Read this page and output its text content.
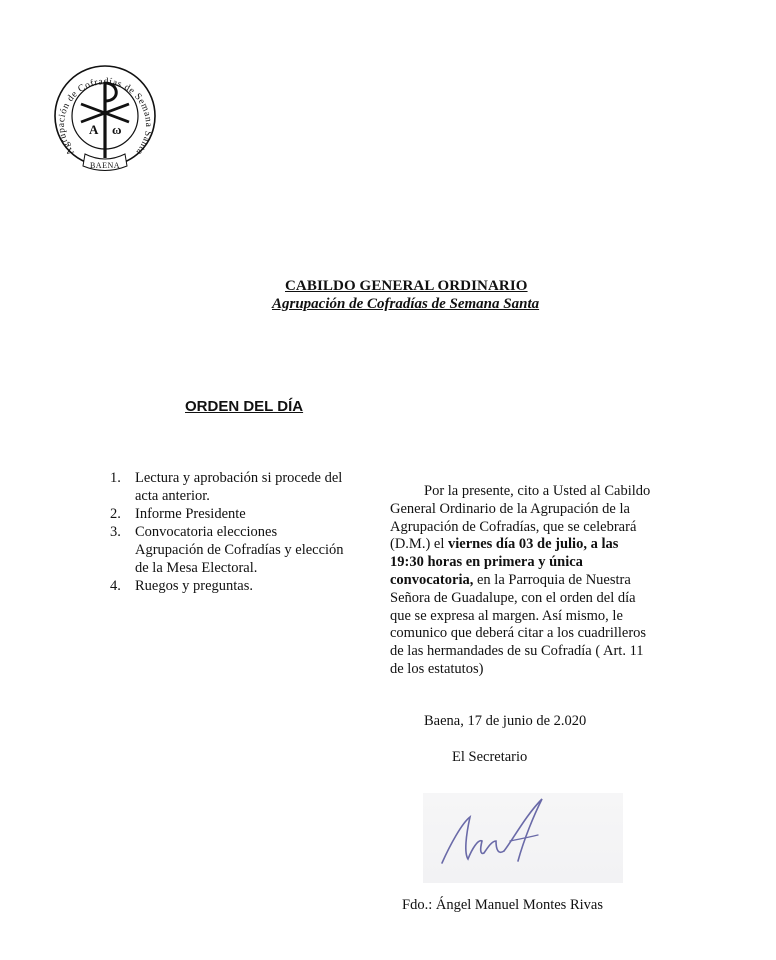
Agrupación de Cofradías de Semana Santa
A ω
BAENA
CABILDO GENERAL ORDINARIO
Agrupación de Cofradías de Semana Santa
ORDEN DEL DÍA
1. Lectura y aprobación si procede del acta anterior.
2. Informe Presidente
3. Convocatoria elecciones Agrupación de Cofradías y elección de la Mesa Electoral.
4. Ruegos y preguntas.
Por la presente, cito a Usted al Cabildo General Ordinario de la Agrupación de la Agrupación de Cofradías, que se celebrará (D.M.) el viernes día 03 de julio, a las 19:30 horas en primera y única convocatoria, en la Parroquia de Nuestra Señora de Guadalupe, con el orden del día que se expresa al margen. Así mismo, le comunico que deberá citar a los cuadrilleros de las hermandades de su Cofradía ( Art. 11 de los estatutos)
Baena, 17 de junio de 2.020
El Secretario
Fdo.: Ángel Manuel Montes Rivas
